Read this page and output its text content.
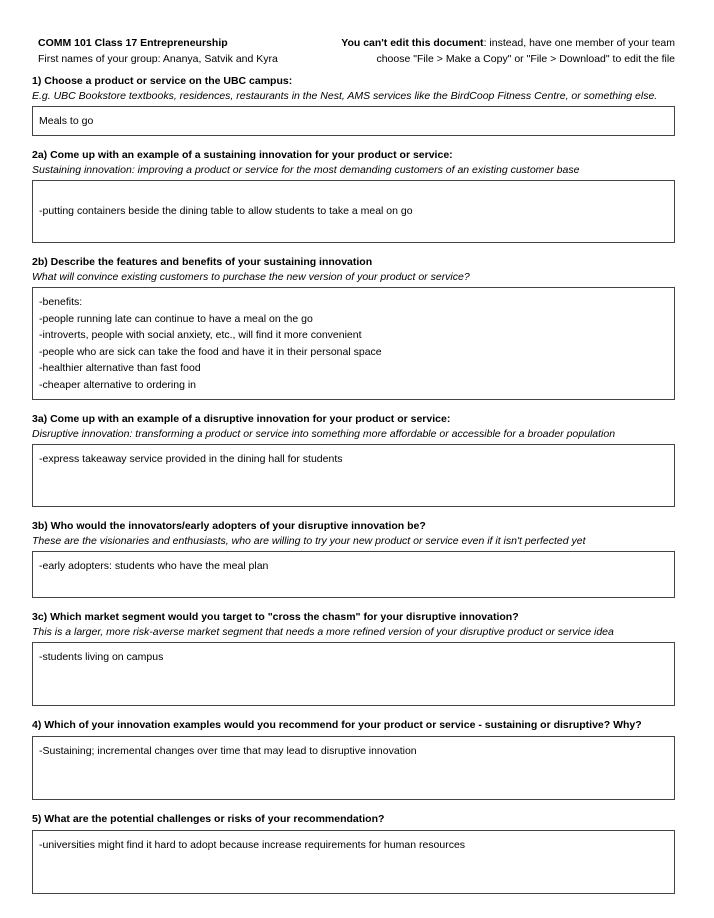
COMM 101 Class 17 Entrepreneurship
First names of your group: Ananya, Satvik and Kyra
You can't edit this document: instead, have one member of your team
choose "File > Make a Copy" or "File > Download" to edit the file
1) Choose a product or service on the UBC campus:
E.g. UBC Bookstore textbooks, residences, restaurants in the Nest, AMS services like the BirdCoop Fitness Centre, or something else.
Meals to go
2a) Come up with an example of a sustaining innovation for your product or service:
Sustaining innovation: improving a product or service for the most demanding customers of an existing customer base
-putting containers beside the dining table to allow students to take a meal on go
2b) Describe the features and benefits of your sustaining innovation
What will convince existing customers to purchase the new version of your product or service?
-benefits:
-people running late can continue to have a meal on the go
-introverts, people with social anxiety, etc., will find it more convenient
-people who are sick can take the food and have it in their personal space
-healthier alternative than fast food
-cheaper alternative to ordering in
3a) Come up with an example of a disruptive innovation for your product or service:
Disruptive innovation: transforming a product or service into something more affordable or accessible for a broader population
-express takeaway service provided in the dining hall for students
3b) Who would the innovators/early adopters of your disruptive innovation be?
These are the visionaries and enthusiasts, who are willing to try your new product or service even if it isn't perfected yet
-early adopters: students who have the meal plan
3c) Which market segment would you target to "cross the chasm" for your disruptive innovation?
This is a larger, more risk-averse market segment that needs a more refined version of your disruptive product or service idea
-students living on campus
4) Which of your innovation examples would you recommend for your product or service - sustaining or disruptive? Why?
-Sustaining; incremental changes over time that may lead to disruptive innovation
5) What are the potential challenges or risks of your recommendation?
-universities might find it hard to adopt because increase requirements for human resources
